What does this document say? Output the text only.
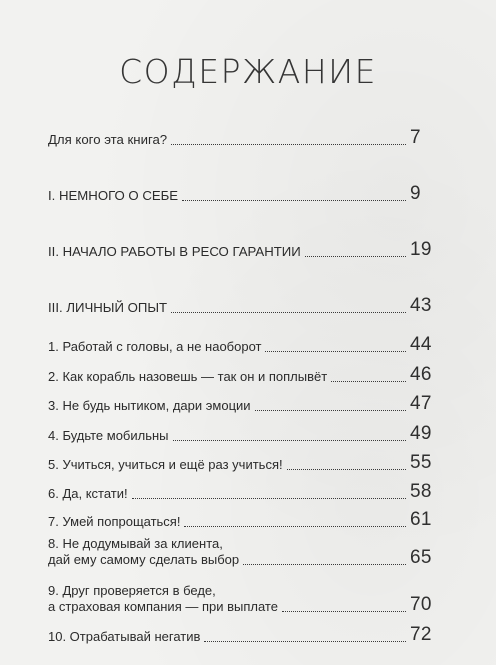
СОДЕРЖАНИЕ
Для кого эта книга?	7
I. НЕМНОГО О СЕБЕ	9
II. НАЧАЛО РАБОТЫ В РЕСО ГАРАНТИИ	19
III. ЛИЧНЫЙ ОПЫТ	43
1. Работай с головы, а не наоборот	44
2. Как корабль назовешь — так он и поплывёт	46
3. Не будь нытиком, дари эмоции	47
4. Будьте мобильны	49
5. Учиться, учиться и ещё раз учиться!	55
6. Да, кстати!	58
7. Умей попрощаться!	61
8. Не додумывай за клиента,
дай ему самому сделать выбор	65
9. Друг проверяется в беде,
а страховая компания — при выплате	70
10. Отрабатывай негатив	72
